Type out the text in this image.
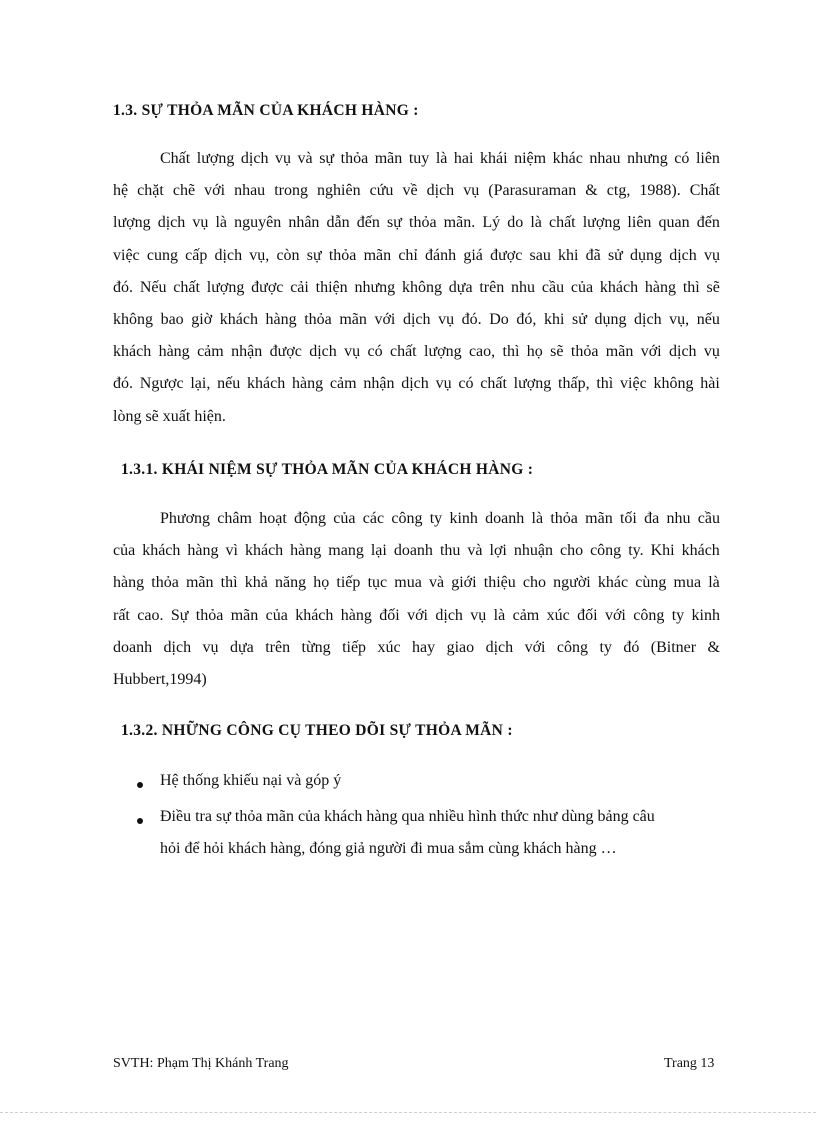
1.3. SỰ THỎA MÃN CỦA KHÁCH HÀNG :
Chất lượng dịch vụ và sự thỏa mãn tuy là hai khái niệm khác nhau nhưng có liên
hệ chặt chẽ với nhau trong nghiên cứu về dịch vụ (Parasuraman & ctg, 1988). Chất
lượng dịch vụ là nguyên nhân dẫn đến sự thỏa mãn. Lý do là chất lượng liên quan đến
việc cung cấp dịch vụ, còn sự thỏa mãn chỉ đánh giá được sau khi đã sử dụng dịch vụ
đó. Nếu chất lượng được cải thiện nhưng không dựa trên nhu cầu của khách hàng thì sẽ
không bao giờ khách hàng thỏa mãn với dịch vụ đó. Do đó, khi sử dụng dịch vụ, nếu
khách hàng cảm nhận được dịch vụ có chất lượng cao, thì họ sẽ thỏa mãn với dịch vụ
đó. Ngược lại, nếu khách hàng cảm nhận dịch vụ có chất lượng thấp, thì việc không hài
lòng sẽ xuất hiện.
1.3.1. KHÁI NIỆM SỰ THỎA MÃN CỦA KHÁCH HÀNG :
Phương châm hoạt động của các công ty kinh doanh là thỏa mãn tối đa nhu cầu
của khách hàng vì khách hàng mang lại doanh thu và lợi nhuận cho công ty. Khi khách
hàng thỏa mãn thì khả năng họ tiếp tục mua và giới thiệu cho người khác cùng mua là
rất cao. Sự thỏa mãn của khách hàng đối với dịch vụ là cảm xúc đối với công ty kinh
doanh dịch vụ dựa trên từng tiếp xúc hay giao dịch với công ty đó (Bitner &
Hubbert,1994)
1.3.2. NHỮNG CÔNG CỤ THEO DÕI SỰ THỎA MÃN :
Hệ thống khiếu nại và góp ý
Điều tra sự thỏa mãn của khách hàng qua nhiều hình thức như dùng bảng câu
hỏi để hỏi khách hàng, đóng giả người đi mua sắm cùng khách hàng …
SVTH: Phạm Thị Khánh Trang	Trang 13
